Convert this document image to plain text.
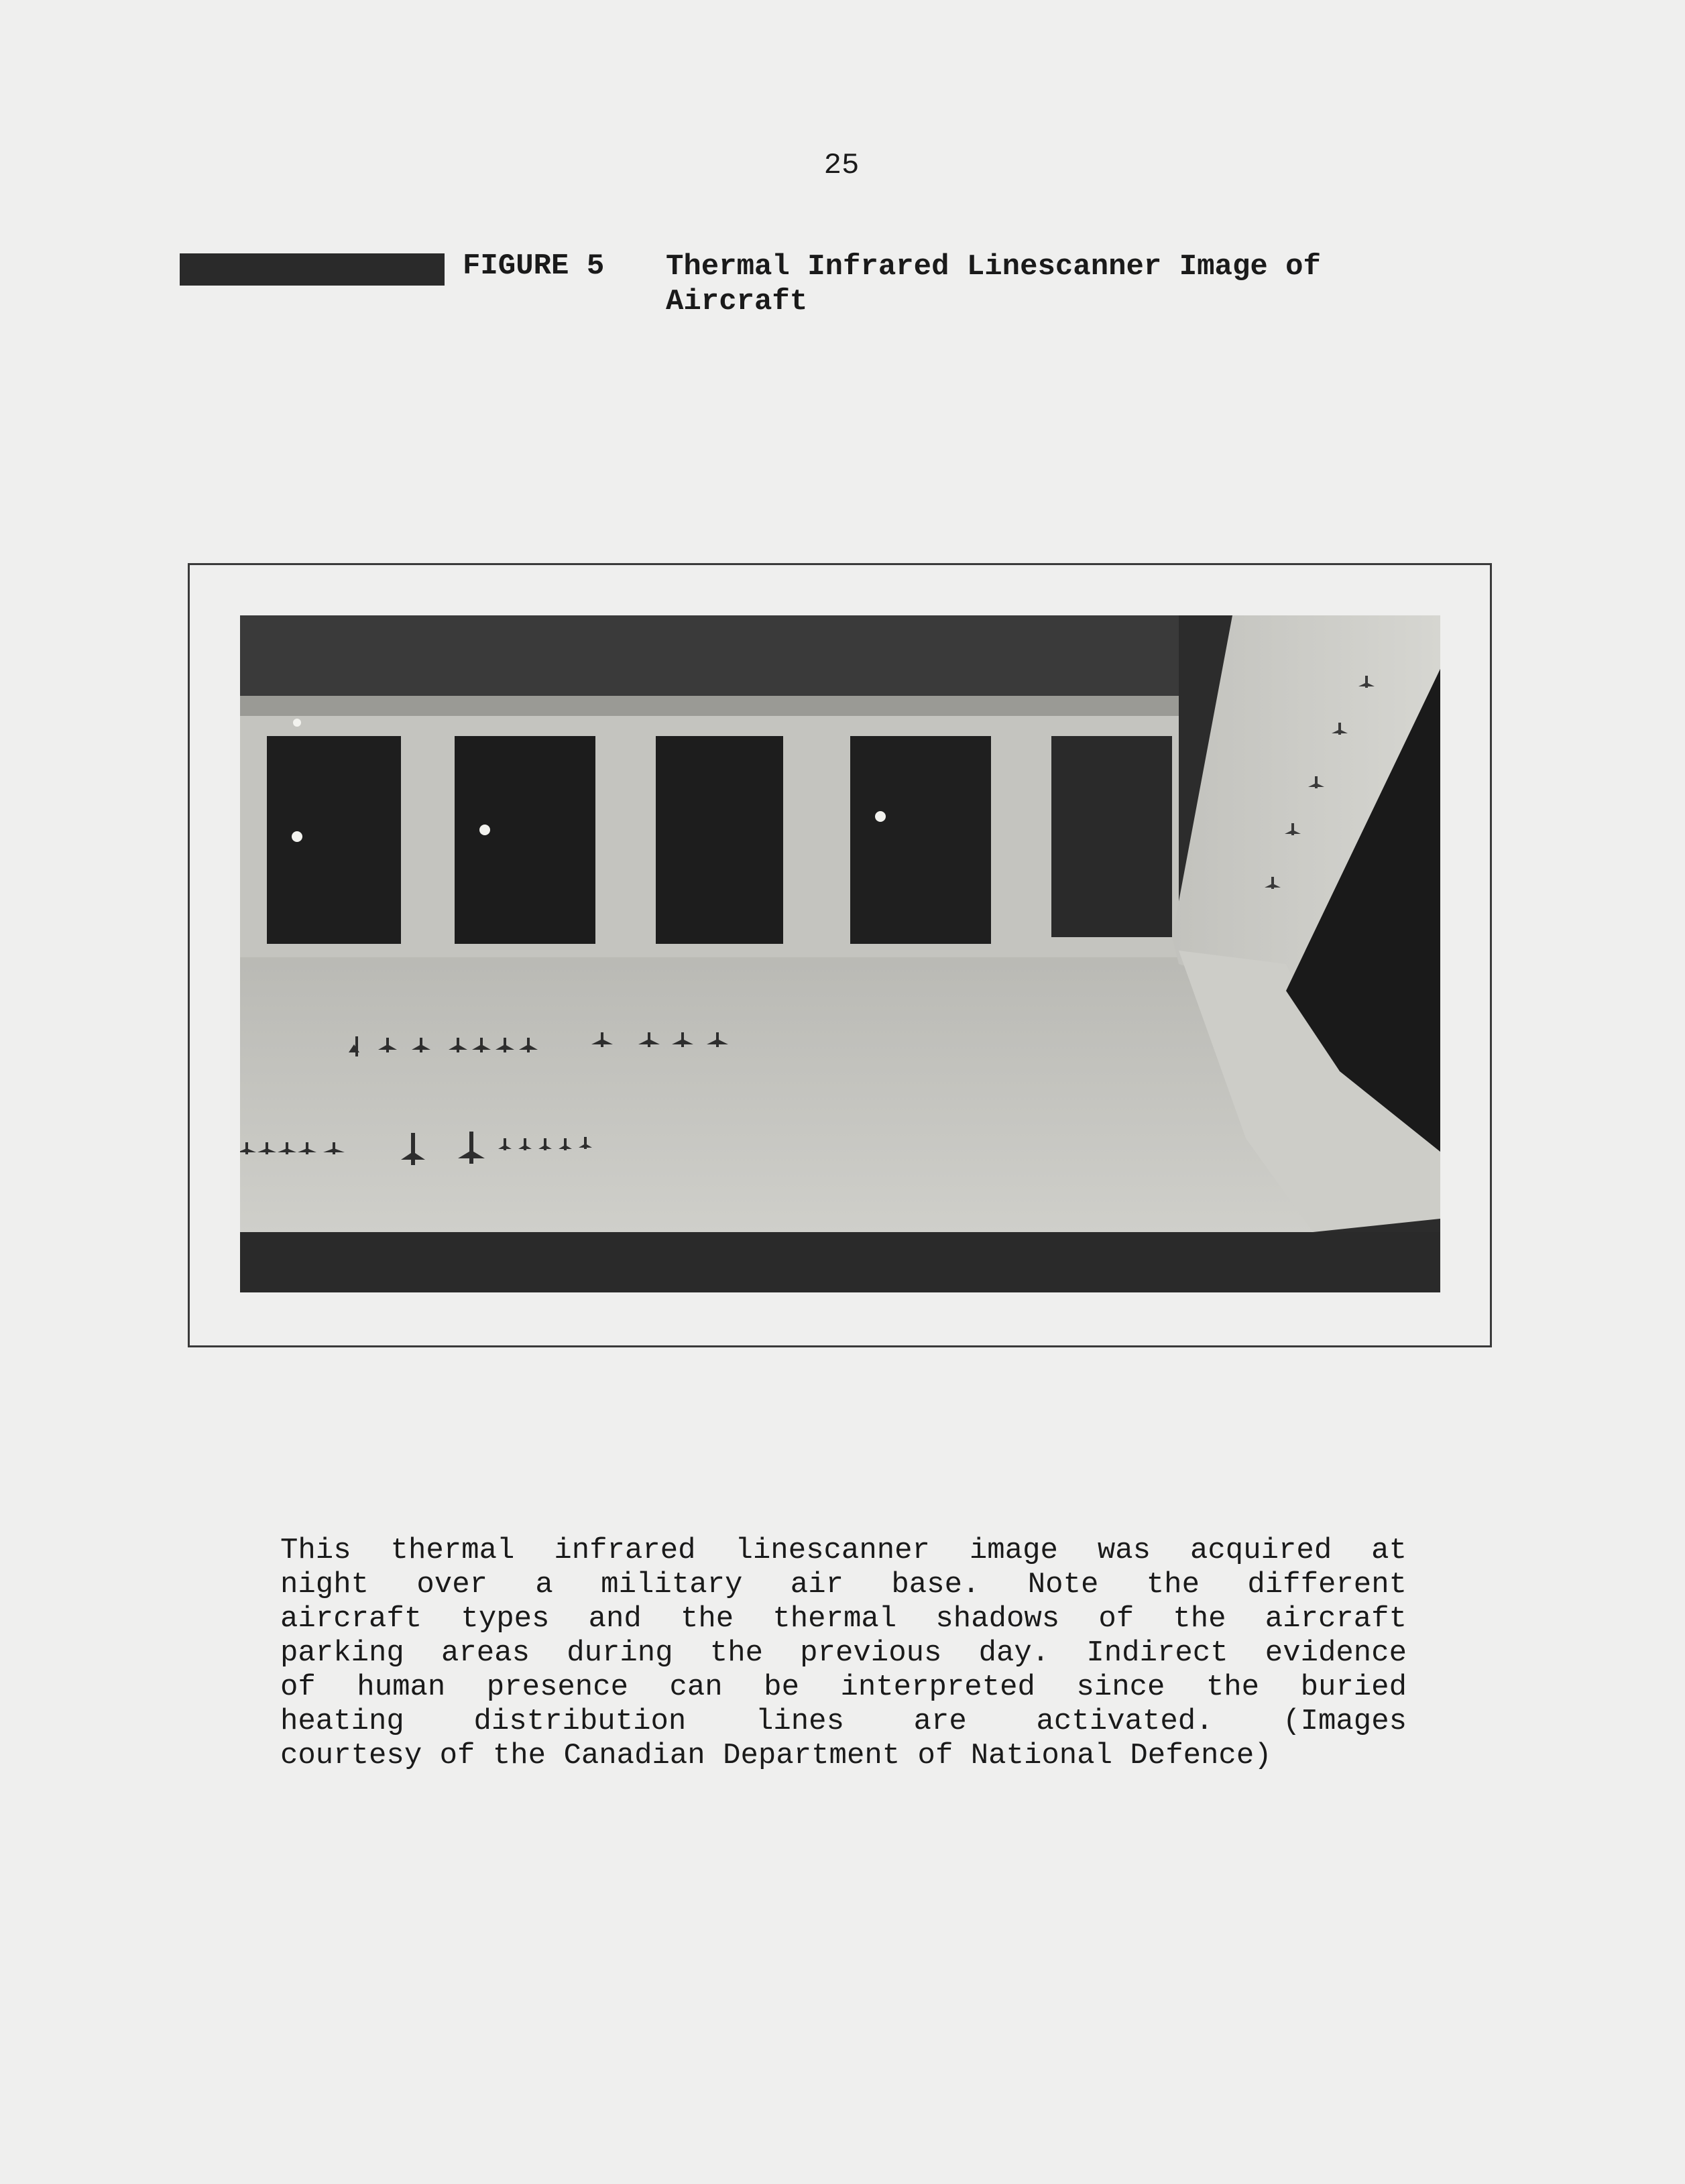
25
FIGURE 5 Thermal Infrared Linescanner Image of
Aircraft
This thermal infrared linescanner image was acquired at
night over a military air base. Note the different
aircraft types and the thermal shadows of the aircraft
parking areas during the previous day. Indirect evidence
of human presence can be interpreted since the buried
heating distribution lines are activated. (Images
courtesy of the Canadian Department of National Defence)
